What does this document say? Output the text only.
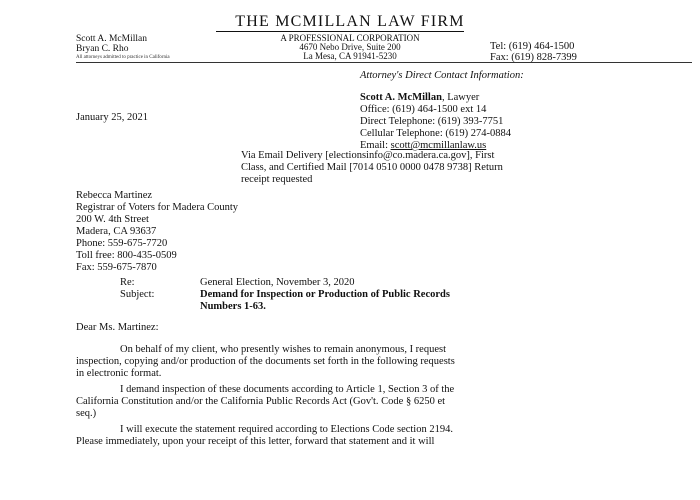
THE MCMILLAN LAW FIRM
A PROFESSIONAL CORPORATION
4670 Nebo Drive, Suite 200
La Mesa, CA 91941-5230
Scott A. McMillan
Bryan C. Rho
All attorneys admitted to practice in California
Tel: (619) 464-1500
Fax: (619) 828-7399
Attorney's Direct Contact Information:
Scott A. McMillan, Lawyer
Office: (619) 464-1500 ext 14
Direct Telephone: (619) 393-7751
Cellular Telephone: (619) 274-0884
Email: scott@mcmillanlaw.us
January 25, 2021
Via Email Delivery [electionsinfo@co.madera.ca.gov], First
Class, and Certified Mail [7014 0510 0000 0478 9738] Return
receipt requested
Rebecca Martinez
Registrar of Voters for Madera County
200 W. 4th Street
Madera, CA 93637
Phone: 559-675-7720
Toll free: 800-435-0509
Fax: 559-675-7870
Re:	General Election, November 3, 2020
Subject:	Demand for Inspection or Production of Public Records
Numbers 1-63.
Dear Ms. Martinez:
On behalf of my client, who presently wishes to remain anonymous, I request
inspection, copying and/or production of the documents set forth in the following requests
in electronic format.
I demand inspection of these documents according to Article 1, Section 3 of the
California Constitution and/or the California Public Records Act (Gov't. Code § 6250 et
seq.)
I will execute the statement required according to Elections Code section 2194.
Please immediately, upon your receipt of this letter, forward that statement and it will
